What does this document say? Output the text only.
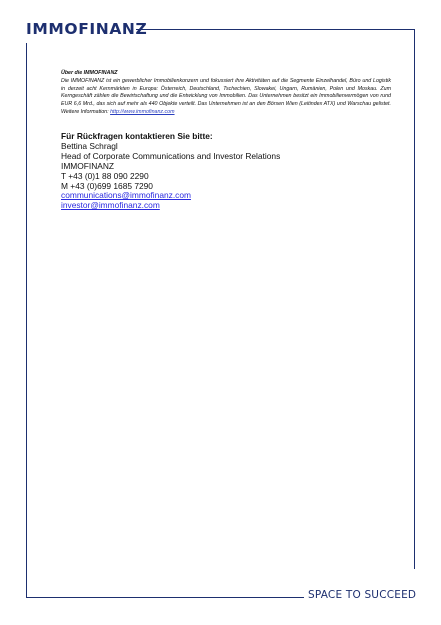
IMMOFINANZ
Über die IMMOFINANZ
Die IMMOFINANZ ist ein gewerblicher Immobilienkonzern und fokussiert ihre Aktivitäten auf die Segmente Einzelhandel, Büro und Logistik in derzeit acht Kernmärkten in Europa: Österreich, Deutschland, Tschechien, Slowakei, Ungarn, Rumänien, Polen und Moskau. Zum Kerngeschäft zählen die Bewirtschaftung und die Entwicklung von Immobilien. Das Unternehmen besitzt ein Immobilienvermögen von rund EUR 6,6 Mrd., das sich auf mehr als 440 Objekte verteilt. Das Unternehmen ist an den Börsen Wien (Leitindex ATX) und Warschau gelistet. Weitere Information: http://www.immofinanz.com
Für Rückfragen kontaktieren Sie bitte:
Bettina Schragl
Head of Corporate Communications and Investor Relations
IMMOFINANZ
T +43 (0)1 88 090 2290
M +43 (0)699 1685 7290
communications@immofinanz.com
investor@immofinanz.com
SPACE TO SUCCEED
